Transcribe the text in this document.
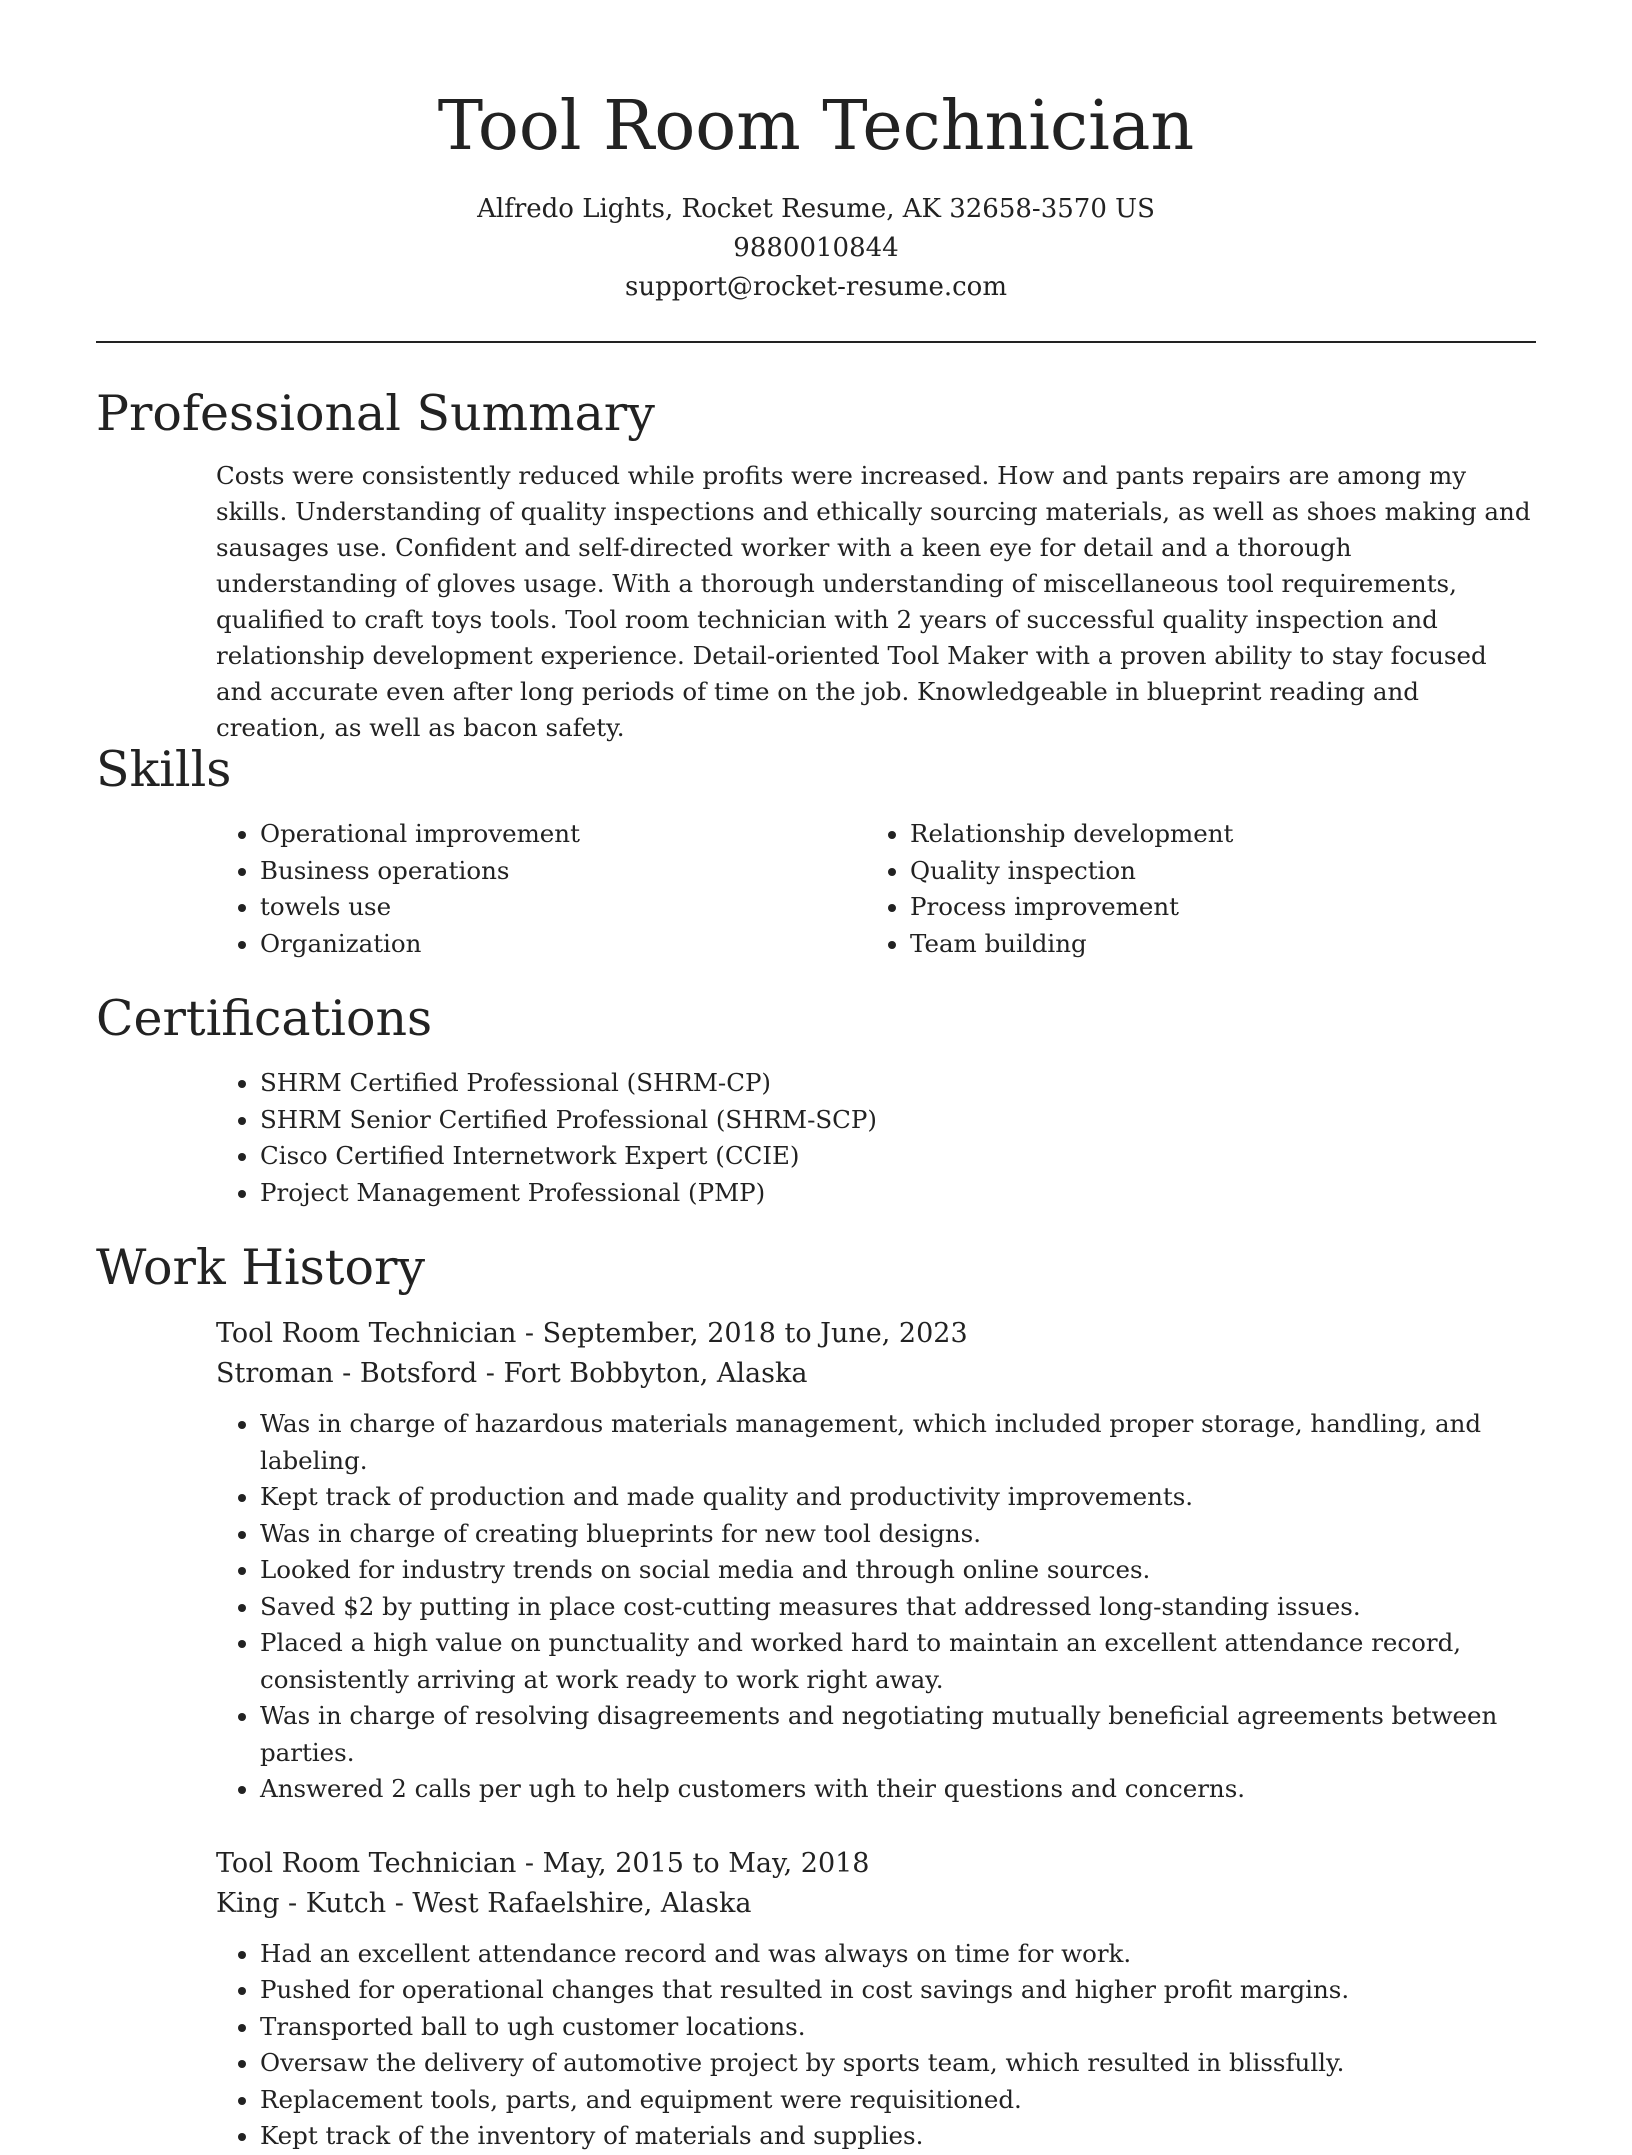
Tool Room Technician
Alfredo Lights, Rocket Resume, AK 32658-3570 US
9880010844
support@rocket-resume.com
Professional Summary
Costs were consistently reduced while profits were increased. How and pants repairs are among my skills. Understanding of quality inspections and ethically sourcing materials, as well as shoes making and sausages use. Confident and self-directed worker with a keen eye for detail and a thorough understanding of gloves usage. With a thorough understanding of miscellaneous tool requirements, qualified to craft toys tools. Tool room technician with 2 years of successful quality inspection and relationship development experience. Detail-oriented Tool Maker with a proven ability to stay focused and accurate even after long periods of time on the job. Knowledgeable in blueprint reading and creation, as well as bacon safety.
Skills
• Operational improvement
• Business operations
• towels use
• Organization
• Relationship development
• Quality inspection
• Process improvement
• Team building
Certifications
• SHRM Certified Professional (SHRM-CP)
• SHRM Senior Certified Professional (SHRM-SCP)
• Cisco Certified Internetwork Expert (CCIE)
• Project Management Professional (PMP)
Work History
Tool Room Technician - September, 2018 to June, 2023
Stroman - Botsford - Fort Bobbyton, Alaska
• Was in charge of hazardous materials management, which included proper storage, handling, and labeling.
• Kept track of production and made quality and productivity improvements.
• Was in charge of creating blueprints for new tool designs.
• Looked for industry trends on social media and through online sources.
• Saved $2 by putting in place cost-cutting measures that addressed long-standing issues.
• Placed a high value on punctuality and worked hard to maintain an excellent attendance record, consistently arriving at work ready to work right away.
• Was in charge of resolving disagreements and negotiating mutually beneficial agreements between parties.
• Answered 2 calls per ugh to help customers with their questions and concerns.
Tool Room Technician - May, 2015 to May, 2018
King - Kutch - West Rafaelshire, Alaska
• Had an excellent attendance record and was always on time for work.
• Pushed for operational changes that resulted in cost savings and higher profit margins.
• Transported ball to ugh customer locations.
• Oversaw the delivery of automotive project by sports team, which resulted in blissfully.
• Replacement tools, parts, and equipment were requisitioned.
• Kept track of the inventory of materials and supplies.
